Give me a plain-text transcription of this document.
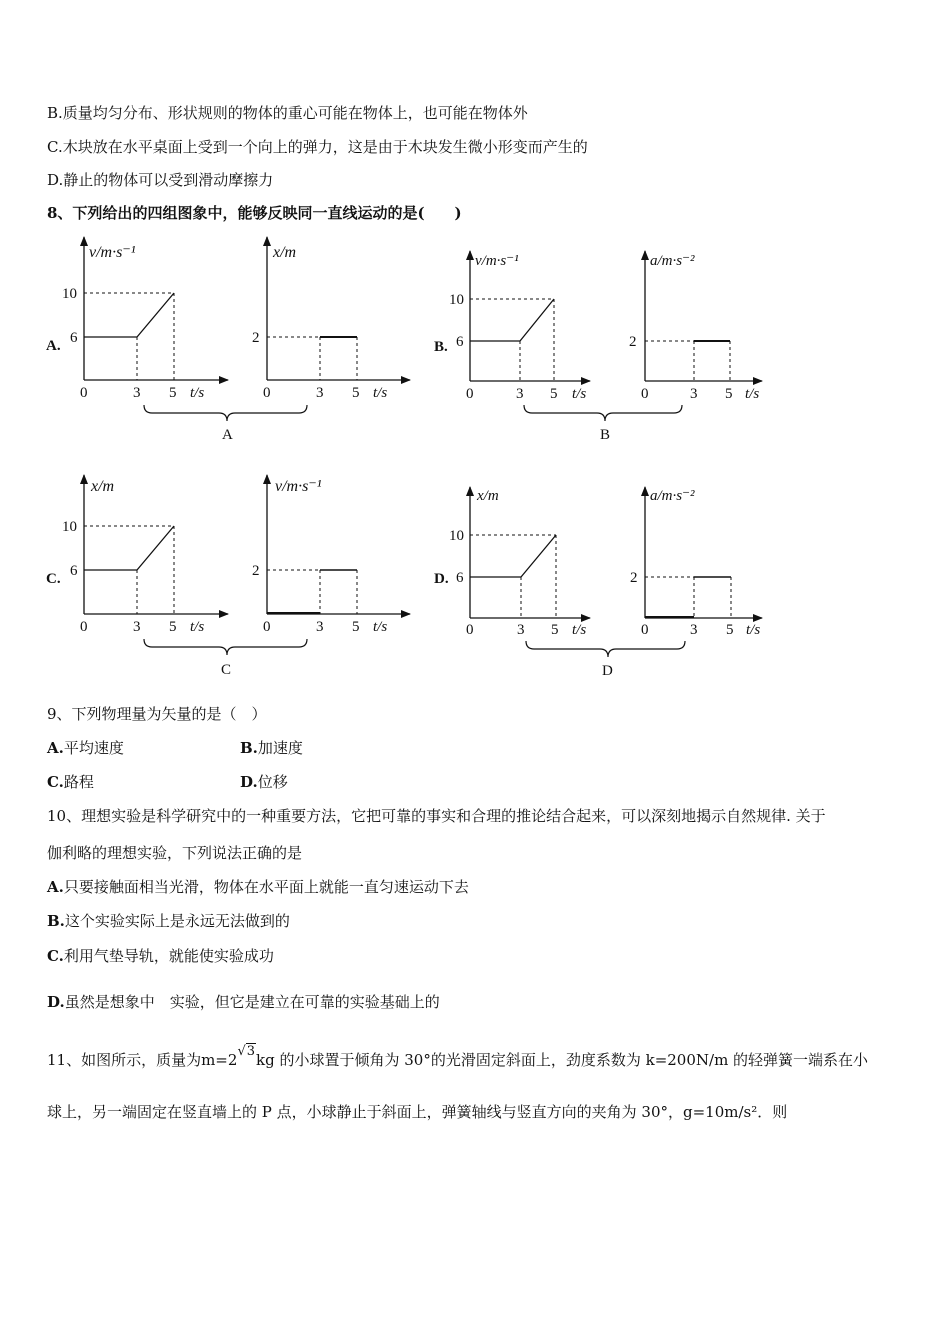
B.质量均匀分布、形状规则的物体的重心可能在物体上，也可能在物体外
C.木块放在水平桌面上受到一个向上的弹力，这是由于木块发生微小形变而产生的
D.静止的物体可以受到滑动摩擦力
8、下列给出的四组图象中，能够反映同一直线运动的是(　　)
A.
v/m·s⁻¹
10
6
0	3 5 t/s
x/m
2
0	3 5 t/s
A
B.
v/m·s⁻¹
10
6
0	3 5 t/s
a/m·s⁻²
2
0	3 5 t/s
B
C.
x/m
10
6
0	3 5 t/s
v/m·s⁻¹
2
0	3 5 t/s
C
D.
x/m
10
6
0	3 5 t/s
a/m·s⁻²
2
0	3 5 t/s
D
9、下列物理量为矢量的是（　）
A.平均速度	B.加速度
C.路程	D.位移
10、理想实验是科学研究中的一种重要方法，它把可靠的事实和合理的推论结合起来，可以深刻地揭示自然规律. 关于
伽利略的理想实验，下列说法正确的是
A.只要接触面相当光滑，物体在水平面上就能一直匀速运动下去
B.这个实验实际上是永远无法做到的
C.利用气垫导轨，就能使实验成功
D.虽然是想象中　实验，但它是建立在可靠的实验基础上的
11、如图所示，质量为m=2√3kg 的小球置于倾角为 30°的光滑固定斜面上，劲度系数为 k=200N/m 的轻弹簧一端系在小
球上，另一端固定在竖直墙上的 P 点，小球静止于斜面上，弹簧轴线与竖直方向的夹角为 30°，g=10m/s²．则
